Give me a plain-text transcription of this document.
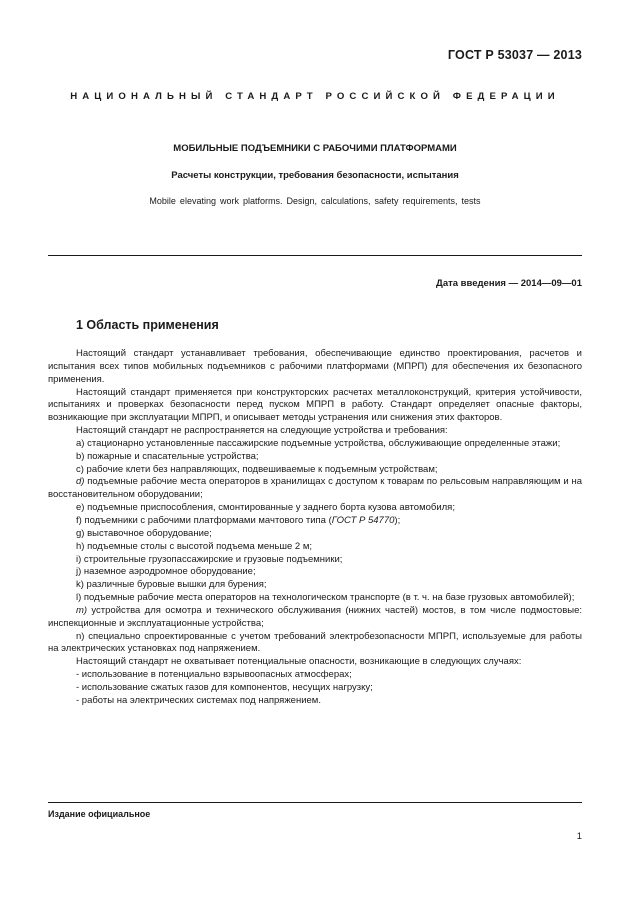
ГОСТ Р 53037 — 2013
НАЦИОНАЛЬНЫЙ СТАНДАРТ РОССИЙСКОЙ ФЕДЕРАЦИИ
МОБИЛЬНЫЕ ПОДЪЕМНИКИ С РАБОЧИМИ ПЛАТФОРМАМИ
Расчеты конструкции, требования безопасности, испытания
Mobile elevating work platforms. Design, calculations, safety requirements, tests
Дата введения — 2014—09—01
1 Область применения

Настоящий стандарт устанавливает требования, обеспечивающие единство проектирования, расчетов и испытания всех типов мобильных подъемников с рабочими платформами (МПРП) для обеспечения их безопасного применения.

Настоящий стандарт применяется при конструкторских расчетах металлоконструкций, критерия устойчивости, испытаниях и проверках безопасности перед пуском МПРП в работу. Стандарт определяет опасные факторы, возникающие при эксплуатации МПРП, и описывает методы устранения или снижения этих факторов.

Настоящий стандарт не распространяется на следующие устройства и требования:

а) стационарно установленные пассажирские подъемные устройства, обслуживающие определенные этажи;

b) пожарные и спасательные устройства;

c) рабочие клети без направляющих, подвешиваемые к подъемным устройствам;

d) подъемные рабочие места операторов в хранилищах с доступом к товарам по рельсовым направляющим и на восстановительном оборудовании;

e) подъемные приспособления, смонтированные у заднего борта кузова автомобиля;

f) подъемники с рабочими платформами мачтового типа (ГОСТ Р 54770);

g) выставочное оборудование;

h) подъемные столы с высотой подъема меньше 2 м;

i) строительные грузопассажирские и грузовые подъемники;

j) наземное аэродромное оборудование;

k) различные буровые вышки для бурения;

l) подъемные рабочие места операторов на технологическом транспорте (в т. ч. на базе грузовых автомобилей);

m) устройства для осмотра и технического обслуживания (нижних частей) мостов, в том числе подмостовые: инспекционные и эксплуатационные устройства;

n) специально спроектированные с учетом требований электробезопасности МПРП, используемые для работы на электрических установках под напряжением.

Настоящий стандарт не охватывает потенциальные опасности, возникающие в следующих случаях:

- использование в потенциально взрывоопасных атмосферах;

- использование сжатых газов для компонентов, несущих нагрузку;

- работы на электрических системах под напряжением.

Издание официальное
1
